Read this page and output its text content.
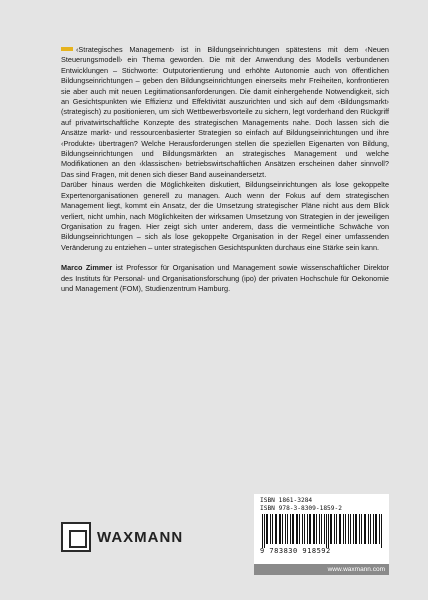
‹Strategisches Management› ist in Bildungseinrichtungen spätestens mit dem ‹Neuen Steuerungsmodell› ein Thema geworden. Die mit der Anwendung des Modells verbundenen Entwicklungen – Stichworte: Outputorientierung und erhöhte Autonomie auch von öffentlichen Bildungseinrichtungen – geben den Bildungseinrichtungen einerseits mehr Freiheiten, konfrontieren sie aber auch mit neuen Legitimationsanforderungen. Die damit einhergehende Notwendigkeit, sich an Gesichtspunkten wie Effizienz und Effektivität auszurichten und sich auf dem ‹Bildungsmarkt› (strategisch) zu positionieren, um sich Wettbewerbsvorteile zu sichern, legt vorderhand den Rückgriff auf privatwirtschaftliche Konzepte des strategischen Managements nahe. Doch lassen sich die Ansätze markt- und ressourcenbasierter Strategien so einfach auf Bildungseinrichtungen und ihre ‹Produkte› übertragen? Welche Herausforderungen stellen die speziellen Eigenarten von Bildung, Bildungseinrichtungen und Bildungsmärkten an strategisches Management und welche Modifikationen an den ‹klassischen› betriebswirtschaftlichen Ansätzen erscheinen daher sinnvoll? Das sind Fragen, mit denen sich dieser Band auseinandersetzt.

Darüber hinaus werden die Möglichkeiten diskutiert, Bildungseinrichtungen als lose gekoppelte Expertenorganisationen generell zu managen. Auch wenn der Fokus auf dem strategischen Management liegt, kommt ein Ansatz, der die Umsetzung strategischer Pläne nicht aus dem Blick verliert, nicht umhin, nach Möglichkeiten der wirksamen Umsetzung von Strategien in der jeweiligen Organisation zu fragen. Hier zeigt sich unter anderem, dass die vermeintliche Schwäche von Bildungseinrichtungen – sich als lose gekoppelte Organisation in der Regel einer umfassenden Veränderung zu entziehen – unter strategischen Gesichtspunkten durchaus eine Stärke sein kann.

Marco Zimmer ist Professor für Organisation und Management sowie wissenschaftlicher Direktor des Instituts für Personal- und Organisationsforschung (ipo) der privaten Hochschule für Oekonomie und Management (FOM), Studienzentrum Hamburg.

WAXMANN
ISBN 1861-3284
ISBN 978-3-8309-1859-2
9 783830 918592
www.waxmann.com
